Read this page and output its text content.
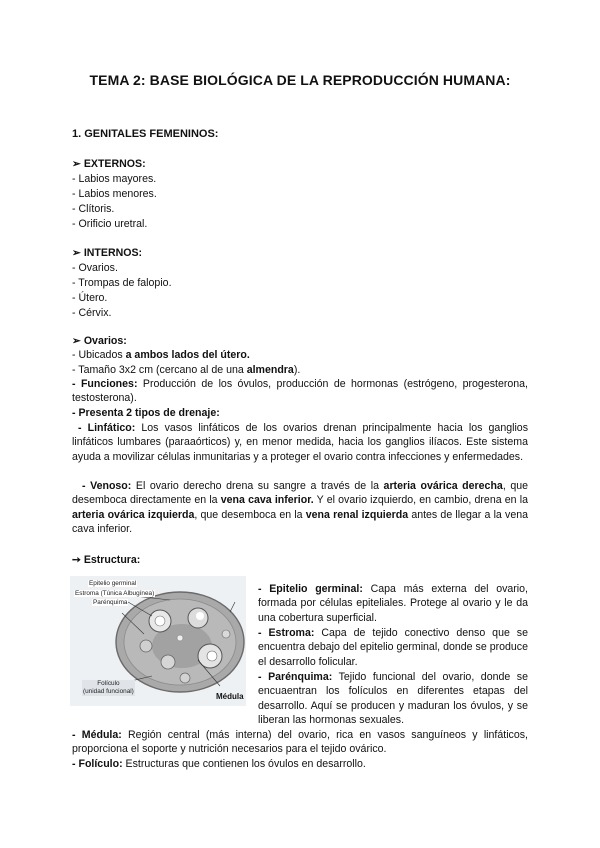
TEMA 2: BASE BIOLÓGICA DE LA REPRODUCCIÓN HUMANA:
1. GENITALES FEMENINOS:
➢ EXTERNOS:
- Labios mayores.
- Labios menores.
- Clítoris.
- Orificio uretral.
➢ INTERNOS:
- Ovarios.
- Trompas de falopio.
- Útero.
- Cérvix.
➢ Ovarios:
- Ubicados a ambos lados del útero.
- Tamaño 3x2 cm (cercano al de una almendra).
- Funciones: Producción de los óvulos, producción de hormonas (estrógeno, progesterona, testosterona).
- Presenta 2 tipos de drenaje:
- Linfático: Los vasos linfáticos de los ovarios drenan principalmente hacia los ganglios linfáticos lumbares (paraaórticos) y, en menor medida, hacia los ganglios ilíacos. Este sistema ayuda a movilizar células inmunitarias y a proteger el ovario contra infecciones y enfermedades.
- Venoso: El ovario derecho drena su sangre a través de la arteria ovárica derecha, que desemboca directamente en la vena cava inferior. Y el ovario izquierdo, en cambio, drena en la arteria ovárica izquierda, que desemboca en la vena renal izquierda antes de llegar a la vena cava inferior.
➙ Estructura:
Epitelio germinal
Estroma (Túnica Albugínea)
Parénquima
Folículo
(unidad funcional)
Médula
- Epitelio germinal: Capa más externa del ovario, formada por células epiteliales. Protege al ovario y le da una cobertura superficial.
- Estroma: Capa de tejido conectivo denso que se encuentra debajo del epitelio germinal, donde se produce el desarrollo folicular.
- Parénquima: Tejido funcional del ovario, donde se encuaentran los folículos en diferentes etapas del desarrollo. Aquí se producen y maduran los óvulos, y se liberan las hormonas sexuales.
- Médula: Región central (más interna) del ovario, rica en vasos sanguíneos y linfáticos, proporciona el soporte y nutrición necesarios para el tejido ovárico.
- Folículo: Estructuras que contienen los óvulos en desarrollo.
